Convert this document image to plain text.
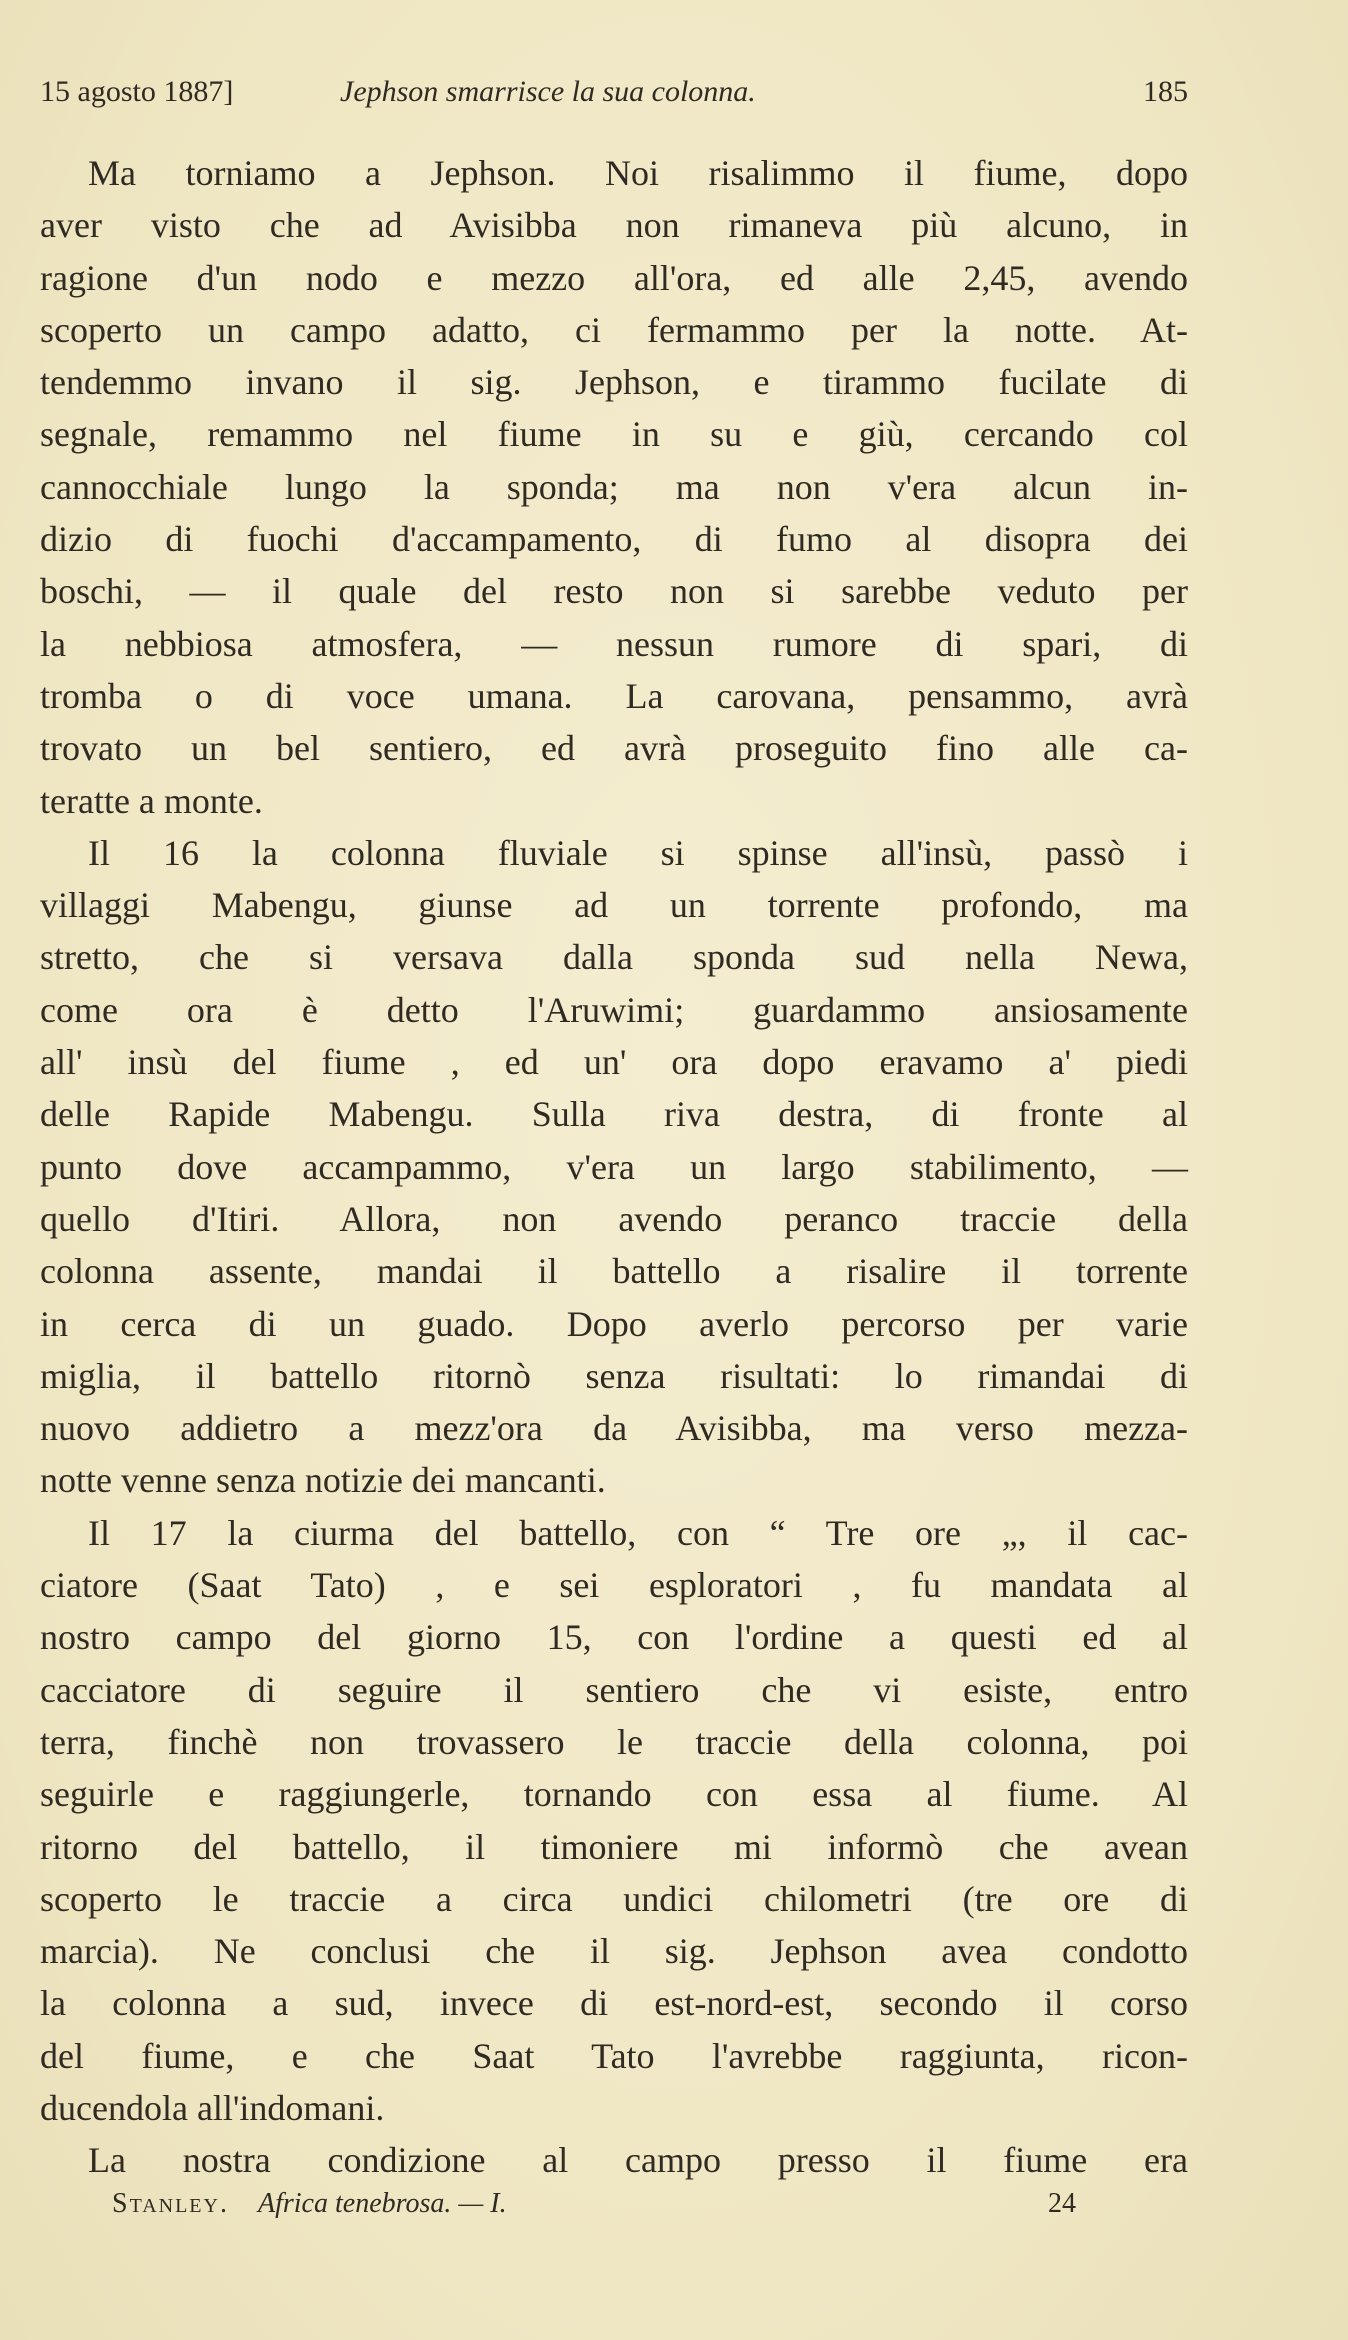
15 agosto 1887]	Jephson smarrisce la sua colonna.	185
Ma torniamo a Jephson. Noi risalimmo il fiume, dopo
aver visto che ad Avisibba non rimaneva più alcuno, in
ragione d'un nodo e mezzo all'ora, ed alle 2,45, avendo
scoperto un campo adatto, ci fermammo per la notte. At-
tendemmo invano il sig. Jephson, e tirammo fucilate di
segnale, remammo nel fiume in su e giù, cercando col
cannocchiale lungo la sponda; ma non v'era alcun in-
dizio di fuochi d'accampamento, di fumo al disopra dei
boschi, — il quale del resto non si sarebbe veduto per
la nebbiosa atmosfera, — nessun rumore di spari, di
tromba o di voce umana. La carovana, pensammo, avrà
trovato un bel sentiero, ed avrà proseguito fino alle ca-
teratte a monte.
Il 16 la colonna fluviale si spinse all'insù, passò i
villaggi Mabengu, giunse ad un torrente profondo, ma
stretto, che si versava dalla sponda sud nella Newa,
come ora è detto l'Aruwimi; guardammo ansiosamente
all' insù del fiume , ed un' ora dopo eravamo a' piedi
delle Rapide Mabengu. Sulla riva destra, di fronte al
punto dove accampammo, v'era un largo stabilimento, —
quello d'Itiri. Allora, non avendo peranco traccie della
colonna assente, mandai il battello a risalire il torrente
in cerca di un guado. Dopo averlo percorso per varie
miglia, il battello ritornò senza risultati: lo rimandai di
nuovo addietro a mezz'ora da Avisibba, ma verso mezza-
notte venne senza notizie dei mancanti.
Il 17 la ciurma del battello, con “ Tre ore „, il cac-
ciatore (Saat Tato) , e sei esploratori , fu mandata al
nostro campo del giorno 15, con l'ordine a questi ed al
cacciatore di seguire il sentiero che vi esiste, entro
terra, finchè non trovassero le traccie della colonna, poi
seguirle e raggiungerle, tornando con essa al fiume. Al
ritorno del battello, il timoniere mi informò che avean
scoperto le traccie a circa undici chilometri (tre ore di
marcia). Ne conclusi che il sig. Jephson avea condotto
la colonna a sud, invece di est-nord-est, secondo il corso
del fiume, e che Saat Tato l'avrebbe raggiunta, ricon-
ducendola all'indomani.
La nostra condizione al campo presso il fiume era
Stanley. Africa tenebrosa. — I.	24
